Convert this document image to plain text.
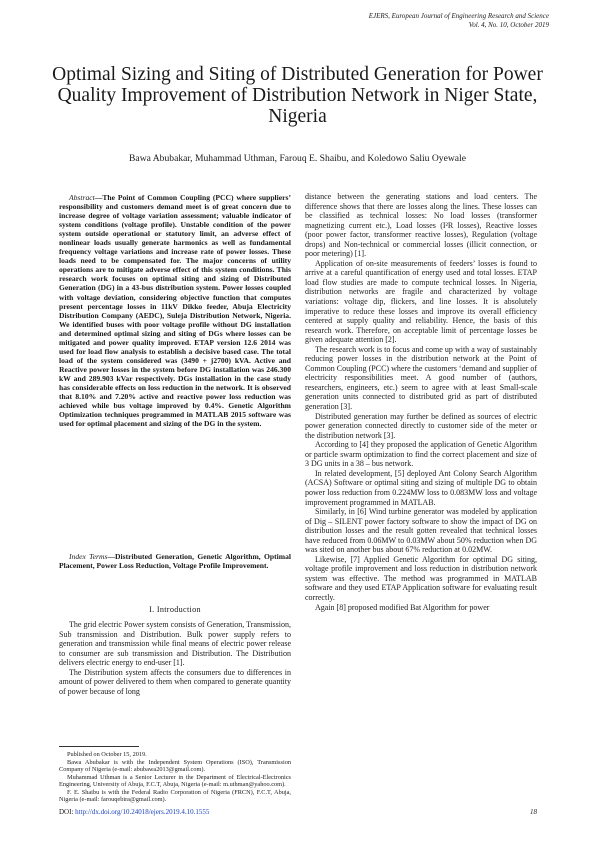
EJERS, European Journal of Engineering Research and Science
Vol. 4, No. 10, October 2019
Optimal Sizing and Siting of Distributed Generation for Power Quality Improvement of Distribution Network in Niger State, Nigeria
Bawa Abubakar, Muhammad Uthman, Farouq E. Shaibu, and Koledowo Saliu Oyewale
Abstract—The Point of Common Coupling (PCC) where suppliers’ responsibility and customers demand meet is of great concern due to increase degree of voltage variation assessment; valuable indicator of system conditions (voltage profile). Unstable condition of the power system outside operational or statutory limit, an adverse effect of nonlinear loads usually generate harmonics as well as fundamental frequency voltage variations and increase rate of power losses. These loads need to be compensated for. The major concerns of utility operations are to mitigate adverse effect of this system conditions. This research work focuses on optimal siting and sizing of Distributed Generation (DG) in a 43-bus distribution system. Power losses coupled with voltage deviation, considering objective function that computes present percentage losses in 11kV Dikko feeder, Abuja Electricity Distribution Company (AEDC), Suleja Distribution Network, Nigeria. We identified buses with poor voltage profile without DG installation and determined optimal sizing and siting of DGs where losses can be mitigated and power quality improved. ETAP version 12.6 2014 was used for load flow analysis to establish a decisive based case. The total load of the system considered was (3490 + j2700) kVA. Active and Reactive power losses in the system before DG installation was 246.300 kW and 289.903 kVar respectively. DGs installation in the case study has considerable effects on loss reduction in the network. It is observed that 8.10% and 7.20% active and reactive power loss reduction was achieved while bus voltage improved by 0.4%. Genetic Algorithm Optimization techniques programmed in MATLAB 2015 software was used for optimal placement and sizing of the DG in the system.
Index Terms—Distributed Generation, Genetic Algorithm, Optimal Placement, Power Loss Reduction, Voltage Profile Improvement.
I. Introduction

The grid electric Power system consists of Generation, Transmission, Sub transmission and Distribution. Bulk power supply refers to generation and transmission while final means of electric power release to consumer are sub transmission and Distribution. The Distribution delivers electric energy to end-user [1].

The Distribution system affects the consumers due to differences in amount of power delivered to them when compared to generate quantity of power because of long

Published on October 15, 2019.

Bawa Abubakar is with the Independent System Operations (ISO), Transmission Company of Nigeria (e-mail: abubawa2013@gmail.com).

Muhammad Uthman is a Senior Lecturer in the Department of Electrical-Electronics Engineering, University of Abuja, F.C.T, Abuja, Nigeria (e-mail: m.uthman@yahoo.com).

F. E. Shaibu is with the Federal Radio Corporation of Nigeria (FRCN), F.C.T, Abuja, Nigeria (e-mail: farouqebira@gmail.com).

distance between the generating stations and load centers. The difference shows that there are losses along the lines. These losses can be classified as technical losses: No load losses (transformer magnetizing current etc.), Load losses (I²R losses), Reactive losses (poor power factor, transformer reactive losses), Regulation (voltage drops) and Non-technical or commercial losses (illicit connection, or poor metering) [1].

Application of on-site measurements of feeders’ losses is found to arrive at a careful quantification of energy used and total losses. ETAP load flow studies are made to compute technical losses. In Nigeria, distribution networks are fragile and characterized by voltage variations: voltage dip, flickers, and line losses. It is absolutely imperative to reduce these losses and improve its overall efficiency centered at supply quality and reliability. Hence, the basis of this research work. Therefore, on acceptable limit of percentage losses be given adequate attention [2].

The research work is to focus and come up with a way of sustainably reducing power losses in the distribution network at the Point of Common Coupling (PCC) where the customers ‘demand and supplier of electricity responsibilities meet. A good number of (authors, researchers, engineers, etc.) seem to agree with at least Small-scale generation units connected to distributed grid as part of distributed generation [3].

Distributed generation may further be defined as sources of electric power generation connected directly to customer side of the meter or the distribution network [3].

According to [4] they proposed the application of Genetic Algorithm or particle swarm optimization to find the correct placement and size of 3 DG units in a 38 – bus network.

In related development, [5] deployed Ant Colony Search Algorithm (ACSA) Software or optimal siting and sizing of multiple DG to obtain power loss reduction from 0.224MW loss to 0.083MW loss and voltage improvement programmed in MATLAB.

Similarly, in [6] Wind turbine generator was modeled by application of Dig – SILENT power factory software to show the impact of DG on distribution losses and the result gotten revealed that technical losses have reduced from 0.06MW to 0.03MW about 50% reduction when DG was sited on another bus about 67% reduction at 0.02MW.

Likewise, [7] Applied Genetic Algorithm for optimal DG siting, voltage profile improvement and loss reduction in distribution network system was effective. The method was programmed in MATLAB software and they used ETAP Application software for evaluating result correctly.

Again [8] proposed modified Bat Algorithm for power

DOI: http://dx.doi.org/10.24018/ejers.2019.4.10.1555	18
